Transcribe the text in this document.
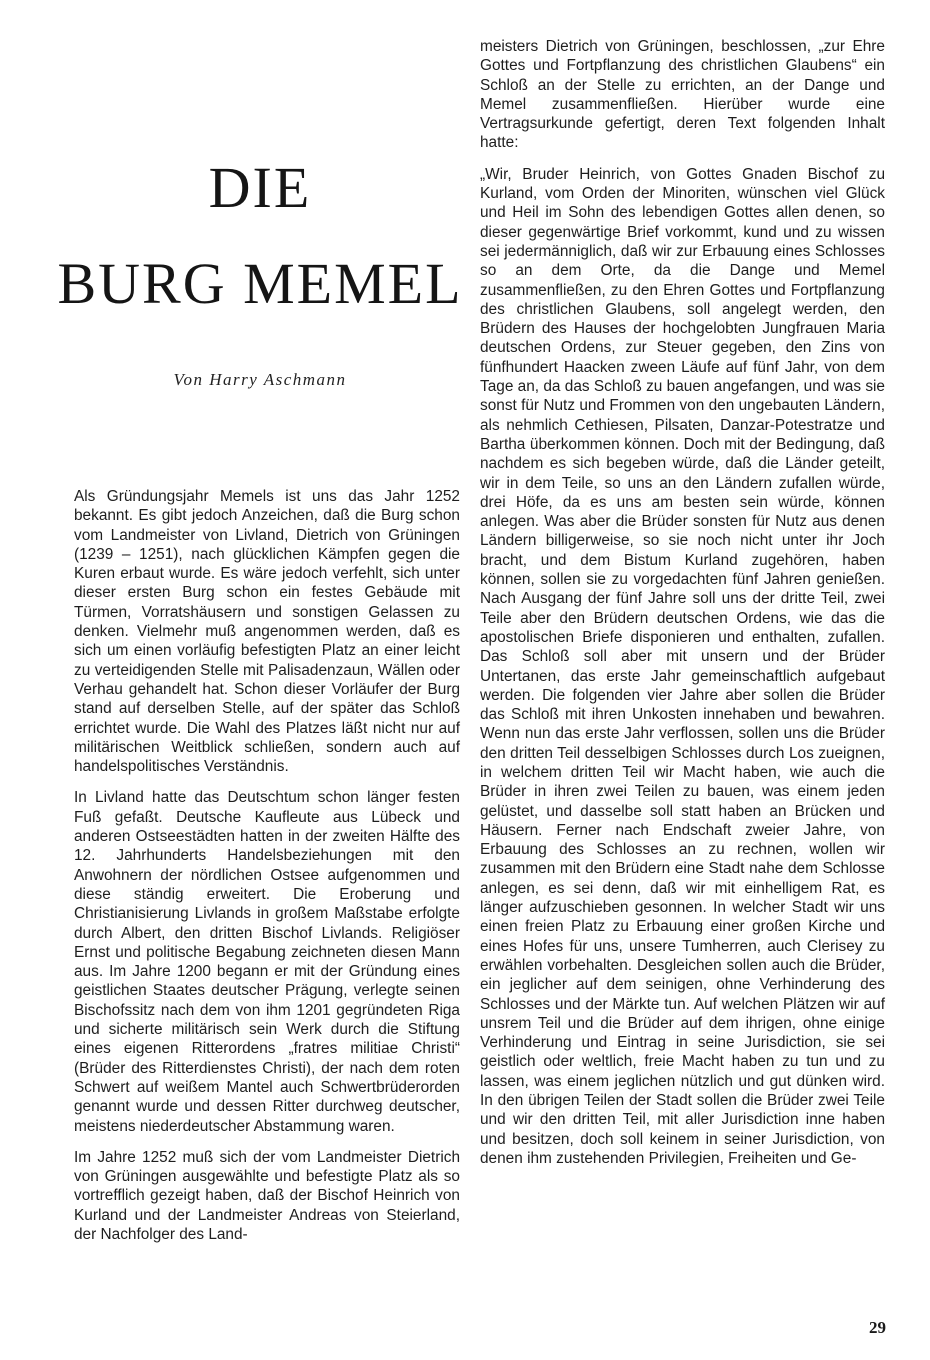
DIE
BURG MEMEL
Von Harry Aschmann

Als Gründungsjahr Memels ist uns das Jahr 1252 bekannt. Es gibt jedoch Anzeichen, daß die Burg schon vom Landmeister von Livland, Dietrich von Grüningen (1239 – 1251), nach glücklichen Kämpfen gegen die Kuren erbaut wurde. Es wäre jedoch verfehlt, sich unter dieser ersten Burg schon ein festes Gebäude mit Türmen, Vorratshäusern und sonstigen Gelassen zu denken. Vielmehr muß angenommen werden, daß es sich um einen vorläufig befestigten Platz an einer leicht zu verteidigenden Stelle mit Palisadenzaun, Wällen oder Verhau gehandelt hat. Schon dieser Vorläufer der Burg stand auf derselben Stelle, auf der später das Schloß errichtet wurde. Die Wahl des Platzes läßt nicht nur auf militärischen Weitblick schließen, sondern auch auf handelspolitisches Verständnis.

In Livland hatte das Deutschtum schon länger festen Fuß gefaßt. Deutsche Kaufleute aus Lübeck und anderen Ostseestädten hatten in der zweiten Hälfte des 12. Jahrhunderts Handelsbeziehungen mit den Anwohnern der nördlichen Ostsee aufgenommen und diese ständig erweitert. Die Eroberung und Christianisierung Livlands in großem Maßstabe erfolgte durch Albert, den dritten Bischof Livlands. Religiöser Ernst und politische Begabung zeichneten diesen Mann aus. Im Jahre 1200 begann er mit der Gründung eines geistlichen Staates deutscher Prägung, verlegte seinen Bischofssitz nach dem von ihm 1201 gegründeten Riga und sicherte militärisch sein Werk durch die Stiftung eines eigenen Ritterordens „fratres militiae Christi“ (Brüder des Ritterdienstes Christi), der nach dem roten Schwert auf weißem Mantel auch Schwertbrüderorden genannt wurde und dessen Ritter durchweg deutscher, meistens niederdeutscher Abstammung waren.

Im Jahre 1252 muß sich der vom Landmeister Dietrich von Grüningen ausgewählte und befestigte Platz als so vortrefflich gezeigt haben, daß der Bischof Heinrich von Kurland und der Landmeister Andreas von Steierland, der Nachfolger des Land-

meisters Dietrich von Grüningen, beschlossen, „zur Ehre Gottes und Fortpflanzung des christlichen Glaubens“ ein Schloß an der Stelle zu errichten, an der Dange und Memel zusammenfließen. Hierüber wurde eine Vertragsurkunde gefertigt, deren Text folgenden Inhalt hatte:

„Wir, Bruder Heinrich, von Gottes Gnaden Bischof zu Kurland, vom Orden der Minoriten, wünschen viel Glück und Heil im Sohn des lebendigen Gottes allen denen, so dieser gegenwärtige Brief vorkommt, kund und zu wissen sei jedermänniglich, daß wir zur Erbauung eines Schlosses so an dem Orte, da die Dange und Memel zusammenfließen, zu den Ehren Gottes und Fortpflanzung des christlichen Glaubens, soll angelegt werden, den Brüdern des Hauses der hochgelobten Jungfrauen Maria deutschen Ordens, zur Steuer gegeben, den Zins von fünfhundert Haacken zween Läufe auf fünf Jahr, von dem Tage an, da das Schloß zu bauen angefangen, und was sie sonst für Nutz und Frommen von den ungebauten Ländern, als nehmlich Cethiesen, Pilsaten, Danzar-Potestratze und Bartha überkommen können. Doch mit der Bedingung, daß nachdem es sich begeben würde, daß die Länder geteilt, wir in dem Teile, so uns an den Ländern zufallen würde, drei Höfe, da es uns am besten sein würde, können anlegen. Was aber die Brüder sonsten für Nutz aus denen Ländern billigerweise, so sie noch nicht unter ihr Joch bracht, und dem Bistum Kurland zugehören, haben können, sollen sie zu vorgedachten fünf Jahren genießen. Nach Ausgang der fünf Jahre soll uns der dritte Teil, zwei Teile aber den Brüdern deutschen Ordens, wie das die apostolischen Briefe disponieren und enthalten, zufallen. Das Schloß soll aber mit unsern und der Brüder Untertanen, das erste Jahr gemeinschaftlich aufgebaut werden. Die folgenden vier Jahre aber sollen die Brüder das Schloß mit ihren Unkosten innehaben und bewahren. Wenn nun das erste Jahr verflossen, sollen uns die Brüder den dritten Teil desselbigen Schlosses durch Los zueignen, in welchem dritten Teil wir Macht haben, wie auch die Brüder in ihren zwei Teilen zu bauen, was einem jeden gelüstet, und dasselbe soll statt haben an Brücken und Häusern. Ferner nach Endschaft zweier Jahre, von Erbauung des Schlosses an zu rechnen, wollen wir zusammen mit den Brüdern eine Stadt nahe dem Schlosse anlegen, es sei denn, daß wir mit einhelligem Rat, es länger aufzuschieben gesonnen. In welcher Stadt wir uns einen freien Platz zu Erbauung einer großen Kirche und eines Hofes für uns, unsere Tumherren, auch Clerisey zu erwählen vorbehalten. Desgleichen sollen auch die Brüder, ein jeglicher auf dem seinigen, ohne Verhinderung des Schlosses und der Märkte tun. Auf welchen Plätzen wir auf unsrem Teil und die Brüder auf dem ihrigen, ohne einige Verhinderung und Eintrag in seine Jurisdiction, sie sei geistlich oder weltlich, freie Macht haben zu tun und zu lassen, was einem jeglichen nützlich und gut dünken wird. In den übrigen Teilen der Stadt sollen die Brüder zwei Teile und wir den dritten Teil, mit aller Jurisdiction inne haben und besitzen, doch soll keinem in seiner Jurisdiction, von denen ihm zustehenden Privilegien, Freiheiten und Ge-

29
